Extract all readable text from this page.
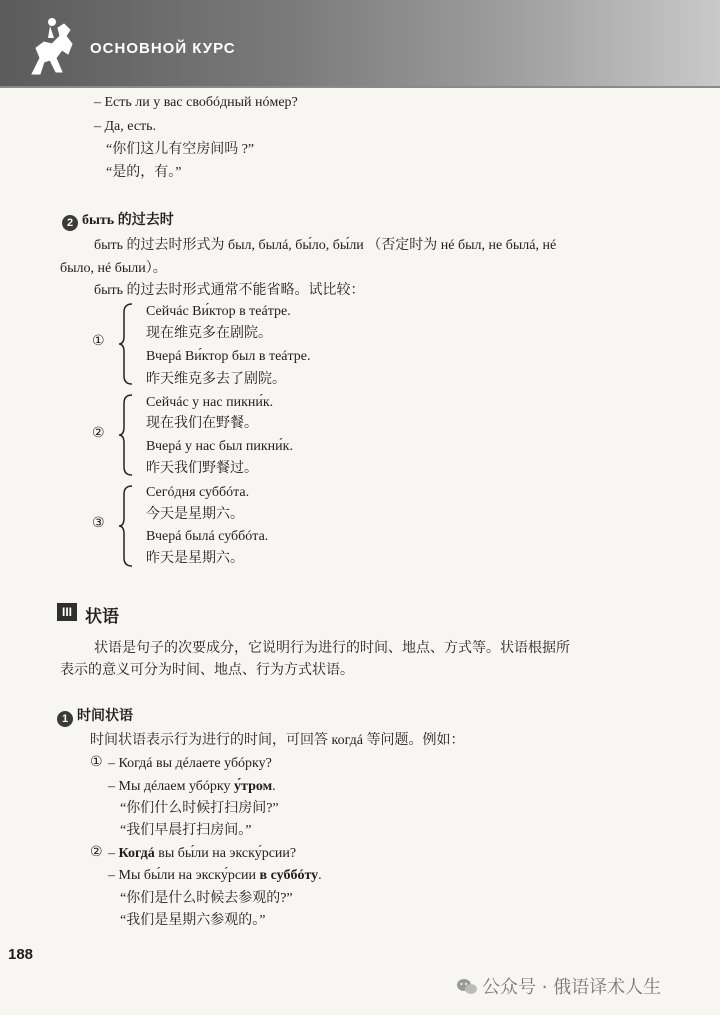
ОСНОВНОЙ КУРС
– Есть ли у вас свобóдный нóмер?
– Да, есть.
“你们这儿有空房间吗 ?”
“是的，有。”
2 быть 的过去时
быть 的过去时形式为 был, былá, бы́ло, бы́ли （否定时为 нé был, не былá, нé
было, нé были）。
быть 的过去时形式通常不能省略。试比较：
①
Сейчáс Ви́ктор в теáтре.
现在维克多在剧院。
Вчерá Ви́ктор был в теáтре.
昨天维克多去了剧院。
②
Сейчáс у нас пикни́к.
现在我们在野餐。
Вчерá у нас был пикни́к.
昨天我们野餐过。
③
Сегóдня суббóта.
今天是星期六。
Вчерá былá суббóта.
昨天是星期六。
III 状语
状语是句子的次要成分，它说明行为进行的时间、地点、方式等。状语根据所
表示的意义可分为时间、地点、行为方式状语。
1 时间状语
时间状语表示行为进行的时间，可回答 когдá 等问题。例如：
① – Когдá вы дéлаете убóрку?
– Мы дéлаем убóрку у́тром.
“你们什么时候打扫房间?”
“我们早晨打扫房间。”
② – Когдá вы бы́ли на экску́рсии?
– Мы бы́ли на экску́рсии в суббóту.
“你们是什么时候去参观的?”
“我们是星期六参观的。”
188
公众号 · 俄语译术人生
